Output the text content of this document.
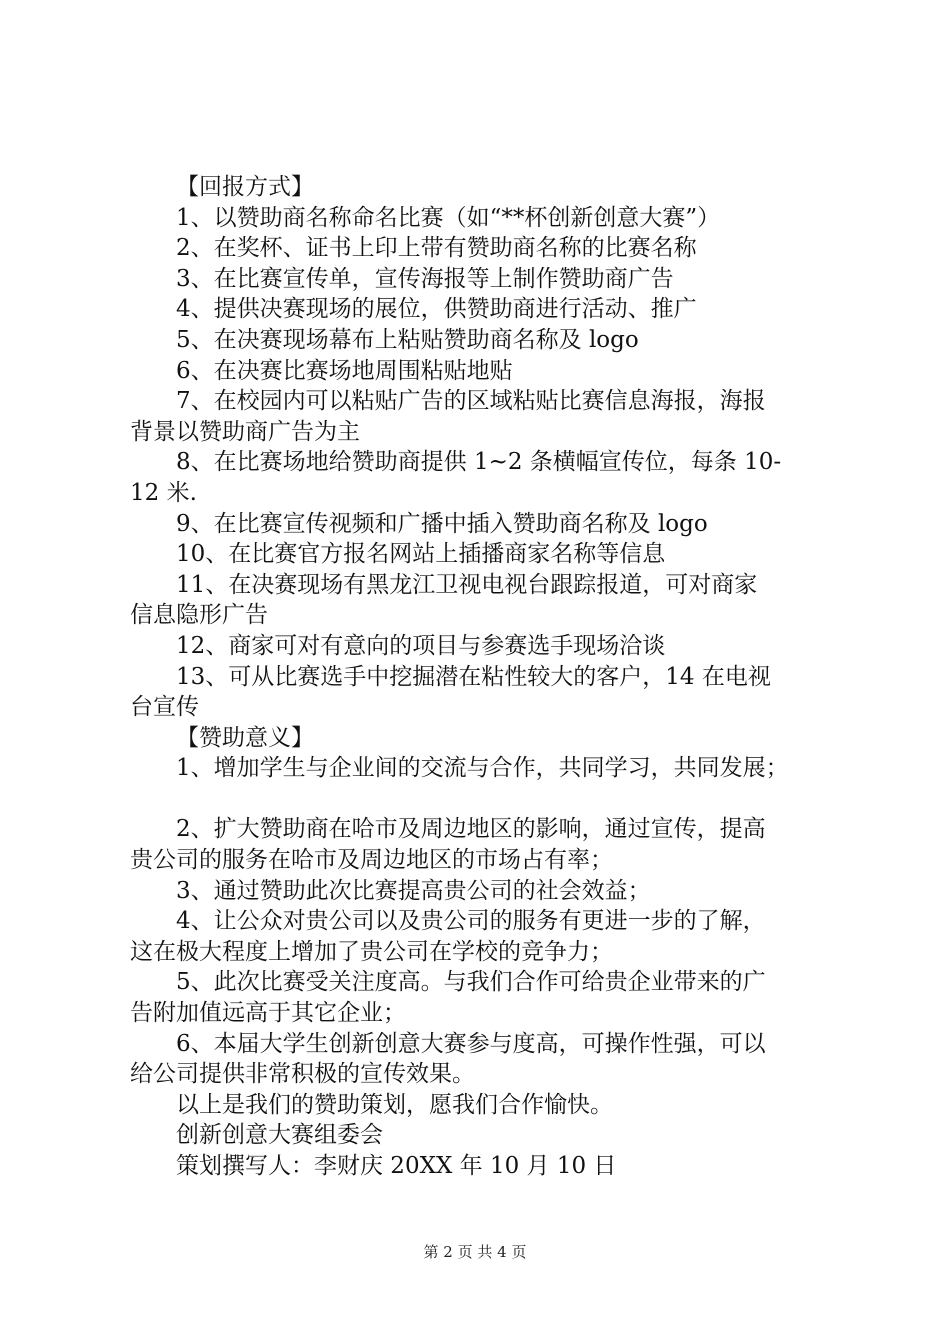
【回报方式】
1、以赞助商名称命名比赛（如“**杯创新创意大赛”）
2、在奖杯、证书上印上带有赞助商名称的比赛名称
3、在比赛宣传单，宣传海报等上制作赞助商广告
4、提供决赛现场的展位，供赞助商进行活动、推广
5、在决赛现场幕布上粘贴赞助商名称及 logo
6、在决赛比赛场地周围粘贴地贴
7、在校园内可以粘贴广告的区域粘贴比赛信息海报，海报
背景以赞助商广告为主
8、在比赛场地给赞助商提供 1~2 条横幅宣传位，每条 10-
12 米.
9、在比赛宣传视频和广播中插入赞助商名称及 logo
10、在比赛官方报名网站上插播商家名称等信息
11、在决赛现场有黑龙江卫视电视台跟踪报道，可对商家
信息隐形广告
12、商家可对有意向的项目与参赛选手现场洽谈
13、可从比赛选手中挖掘潜在粘性较大的客户，14 在电视
台宣传
【赞助意义】
1、增加学生与企业间的交流与合作，共同学习，共同发展；
2、扩大赞助商在哈市及周边地区的影响，通过宣传，提高
贵公司的服务在哈市及周边地区的市场占有率；
3、通过赞助此次比赛提高贵公司的社会效益；
4、让公众对贵公司以及贵公司的服务有更进一步的了解，
这在极大程度上增加了贵公司在学校的竞争力；
5、此次比赛受关注度高。与我们合作可给贵企业带来的广
告附加值远高于其它企业；
6、本届大学生创新创意大赛参与度高，可操作性强，可以
给公司提供非常积极的宣传效果。
以上是我们的赞助策划，愿我们合作愉快。
创新创意大赛组委会
策划撰写人：李财庆 20XX 年 10 月 10 日
第 2 页 共 4 页
